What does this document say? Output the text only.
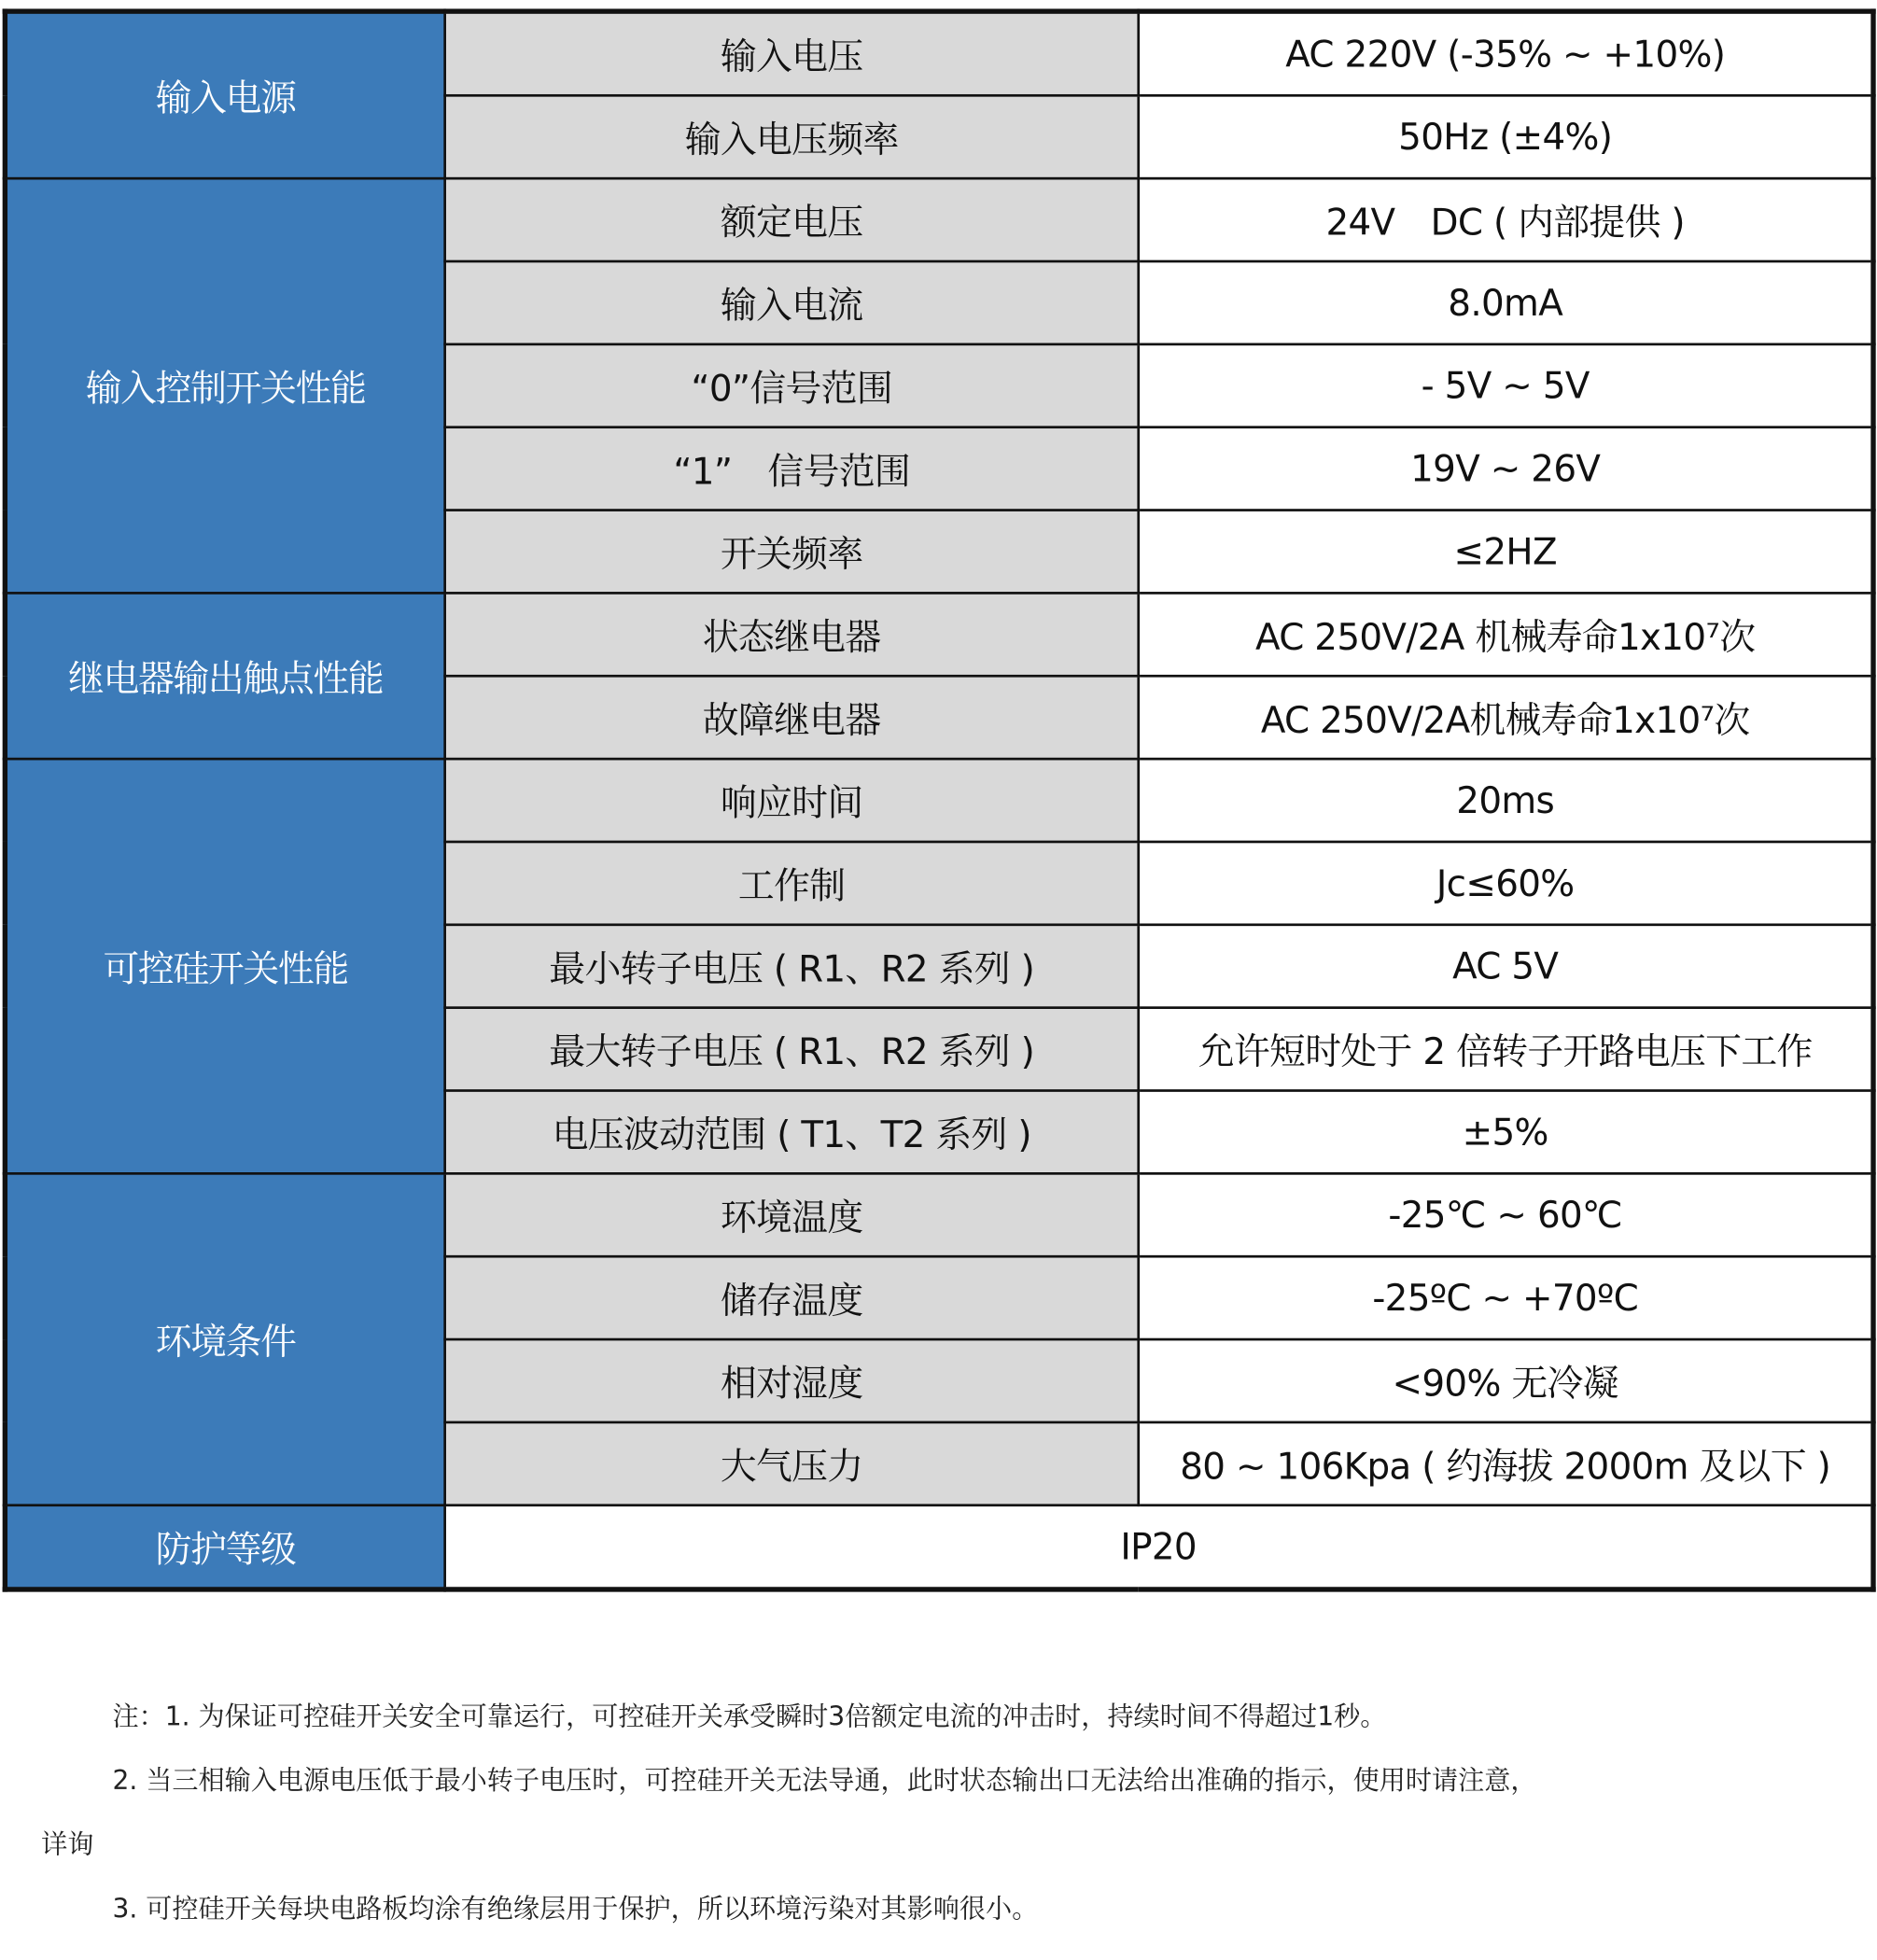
输入电源	输入电压	AC 220V (-35% ~ +10%)
	输入电压频率	50Hz (±4%)
输入控制开关性能	额定电压	24V　DC ( 内部提供 )
	输入电流	8.0mA
	“0”信号范围	- 5V ~ 5V
	“1”　信号范围	19V ~ 26V
	开关频率	≤2HZ
继电器输出触点性能	状态继电器	AC 250V/2A 机械寿命1x10⁷次
	故障继电器	AC 250V/2A机械寿命1x10⁷次
可控硅开关性能	响应时间	20ms
	工作制	Jc≤60%
	最小转子电压 ( R1、R2 系列 )	AC 5V
	最大转子电压 ( R1、R2 系列 )	允许短时处于 2 倍转子开路电压下工作
	电压波动范围 ( T1、T2 系列 )	±5%
环境条件	环境温度	-25℃ ~ 60℃
	储存温度	-25ºC ~ +70ºC
	相对湿度	<90% 无冷凝
	大气压力	80 ~ 106Kpa ( 约海拔 2000m 及以下 )
防护等级	IP20	

注：1. 为保证可控硅开关安全可靠运行，可控硅开关承受瞬时3倍额定电流的冲击时，持续时间不得超过1秒。

2. 当三相输入电源电压低于最小转子电压时，可控硅开关无法导通，此时状态输出口无法给出准确的指示，使用时请注意，

详询

3. 可控硅开关每块电路板均涂有绝缘层用于保护，所以环境污染对其影响很小。
